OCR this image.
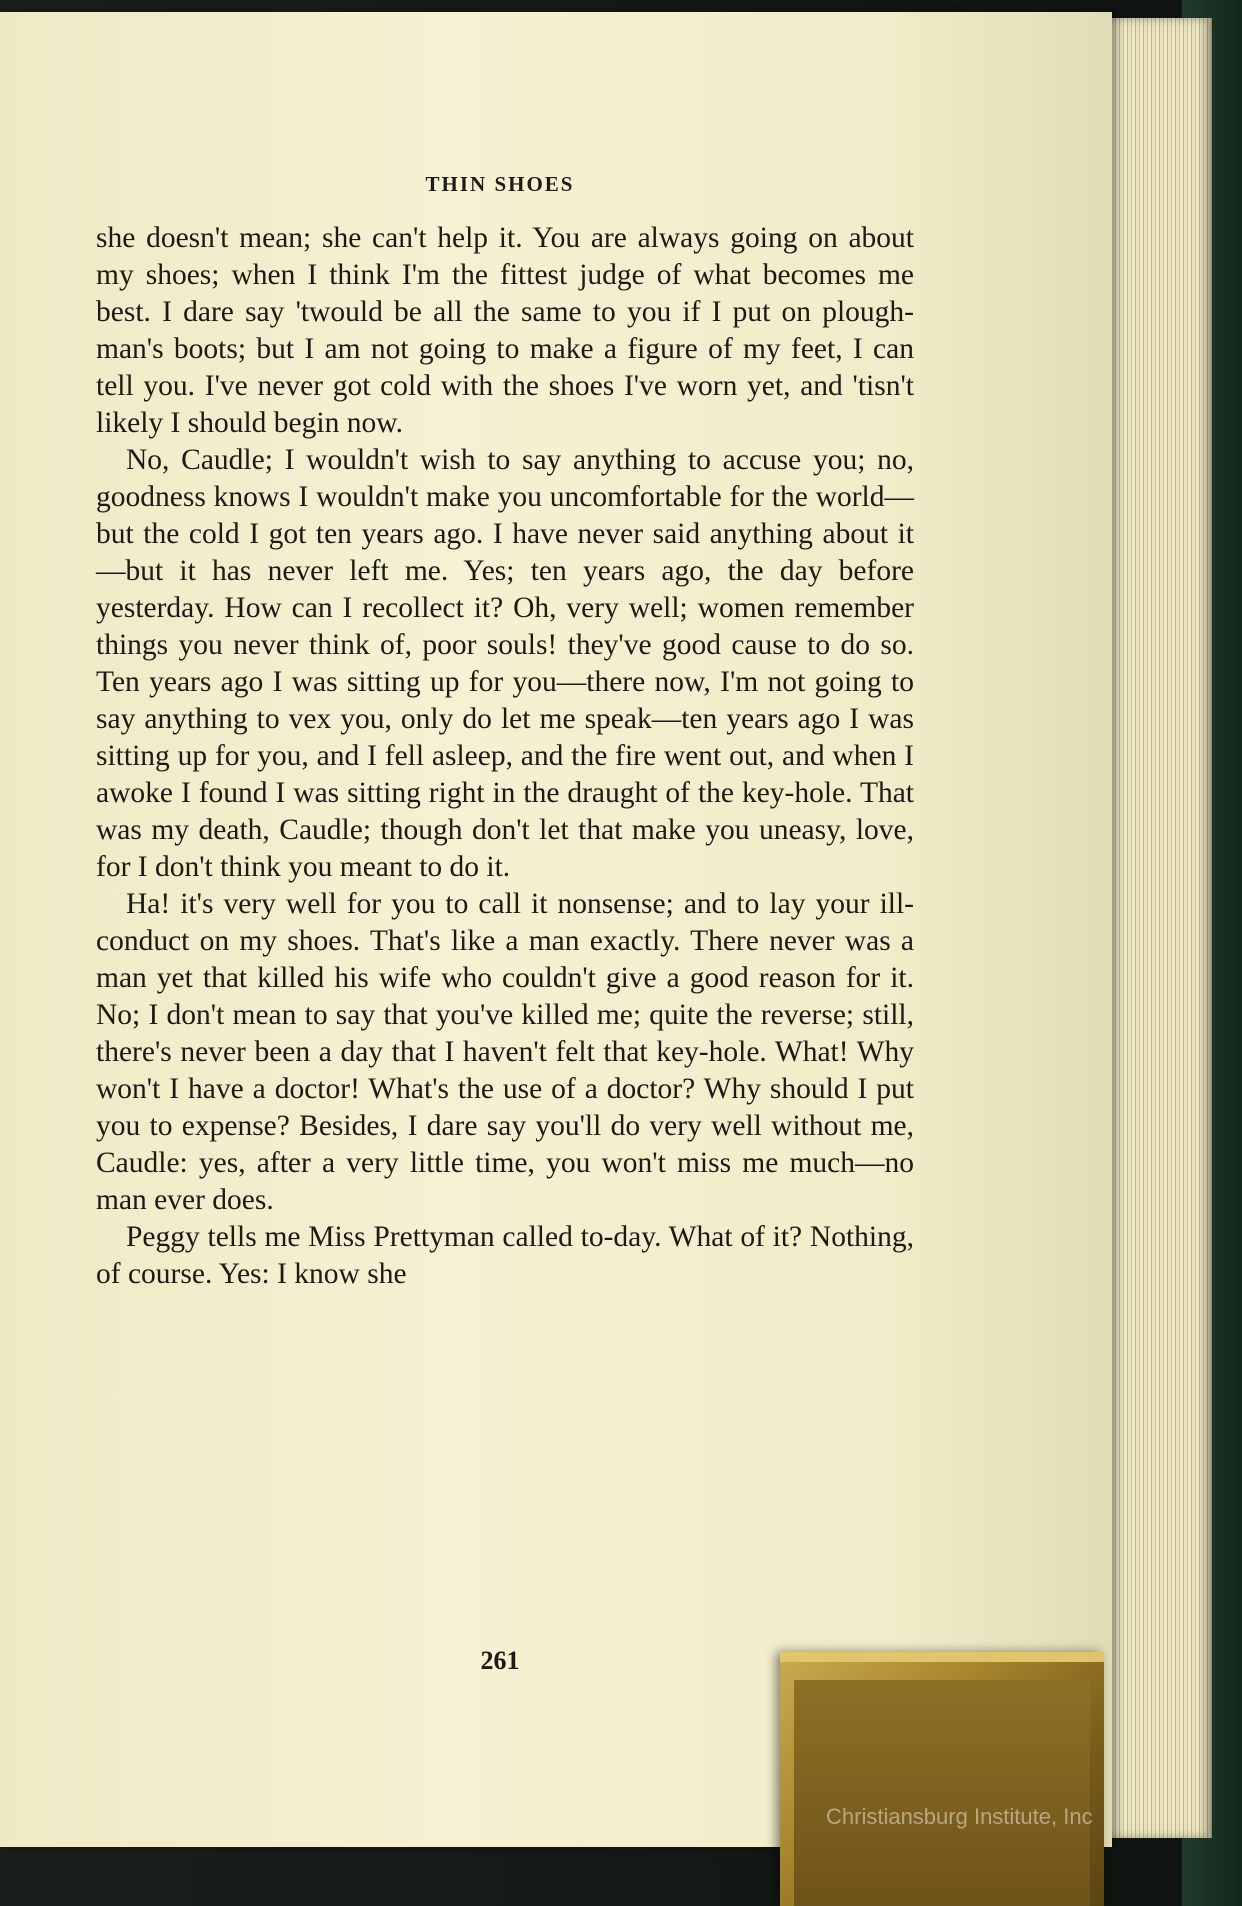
THIN SHOES

she doesn't mean; she can't help it. You are always going on about my shoes; when I think I'm the fittest judge of what becomes me best. I dare say 'twould be all the same to you if I put on plough-man's boots; but I am not going to make a figure of my feet, I can tell you. I've never got cold with the shoes I've worn yet, and 'tisn't likely I should begin now.

No, Caudle; I wouldn't wish to say anything to accuse you; no, goodness knows I wouldn't make you uncomfortable for the world—but the cold I got ten years ago. I have never said anything about it —but it has never left me. Yes; ten years ago, the day before yesterday. How can I recollect it? Oh, very well; women remember things you never think of, poor souls! they've good cause to do so. Ten years ago I was sitting up for you—there now, I'm not going to say anything to vex you, only do let me speak—ten years ago I was sitting up for you, and I fell asleep, and the fire went out, and when I awoke I found I was sitting right in the draught of the key-hole. That was my death, Caudle; though don't let that make you uneasy, love, for I don't think you meant to do it.

Ha! it's very well for you to call it nonsense; and to lay your ill-conduct on my shoes. That's like a man exactly. There never was a man yet that killed his wife who couldn't give a good reason for it. No; I don't mean to say that you've killed me; quite the reverse; still, there's never been a day that I haven't felt that key-hole. What! Why won't I have a doctor! What's the use of a doctor? Why should I put you to expense? Besides, I dare say you'll do very well without me, Caudle: yes, after a very little time, you won't miss me much—no man ever does.

Peggy tells me Miss Prettyman called to-day. What of it? Nothing, of course. Yes: I know she

261
Christiansburg Institute, Inc
